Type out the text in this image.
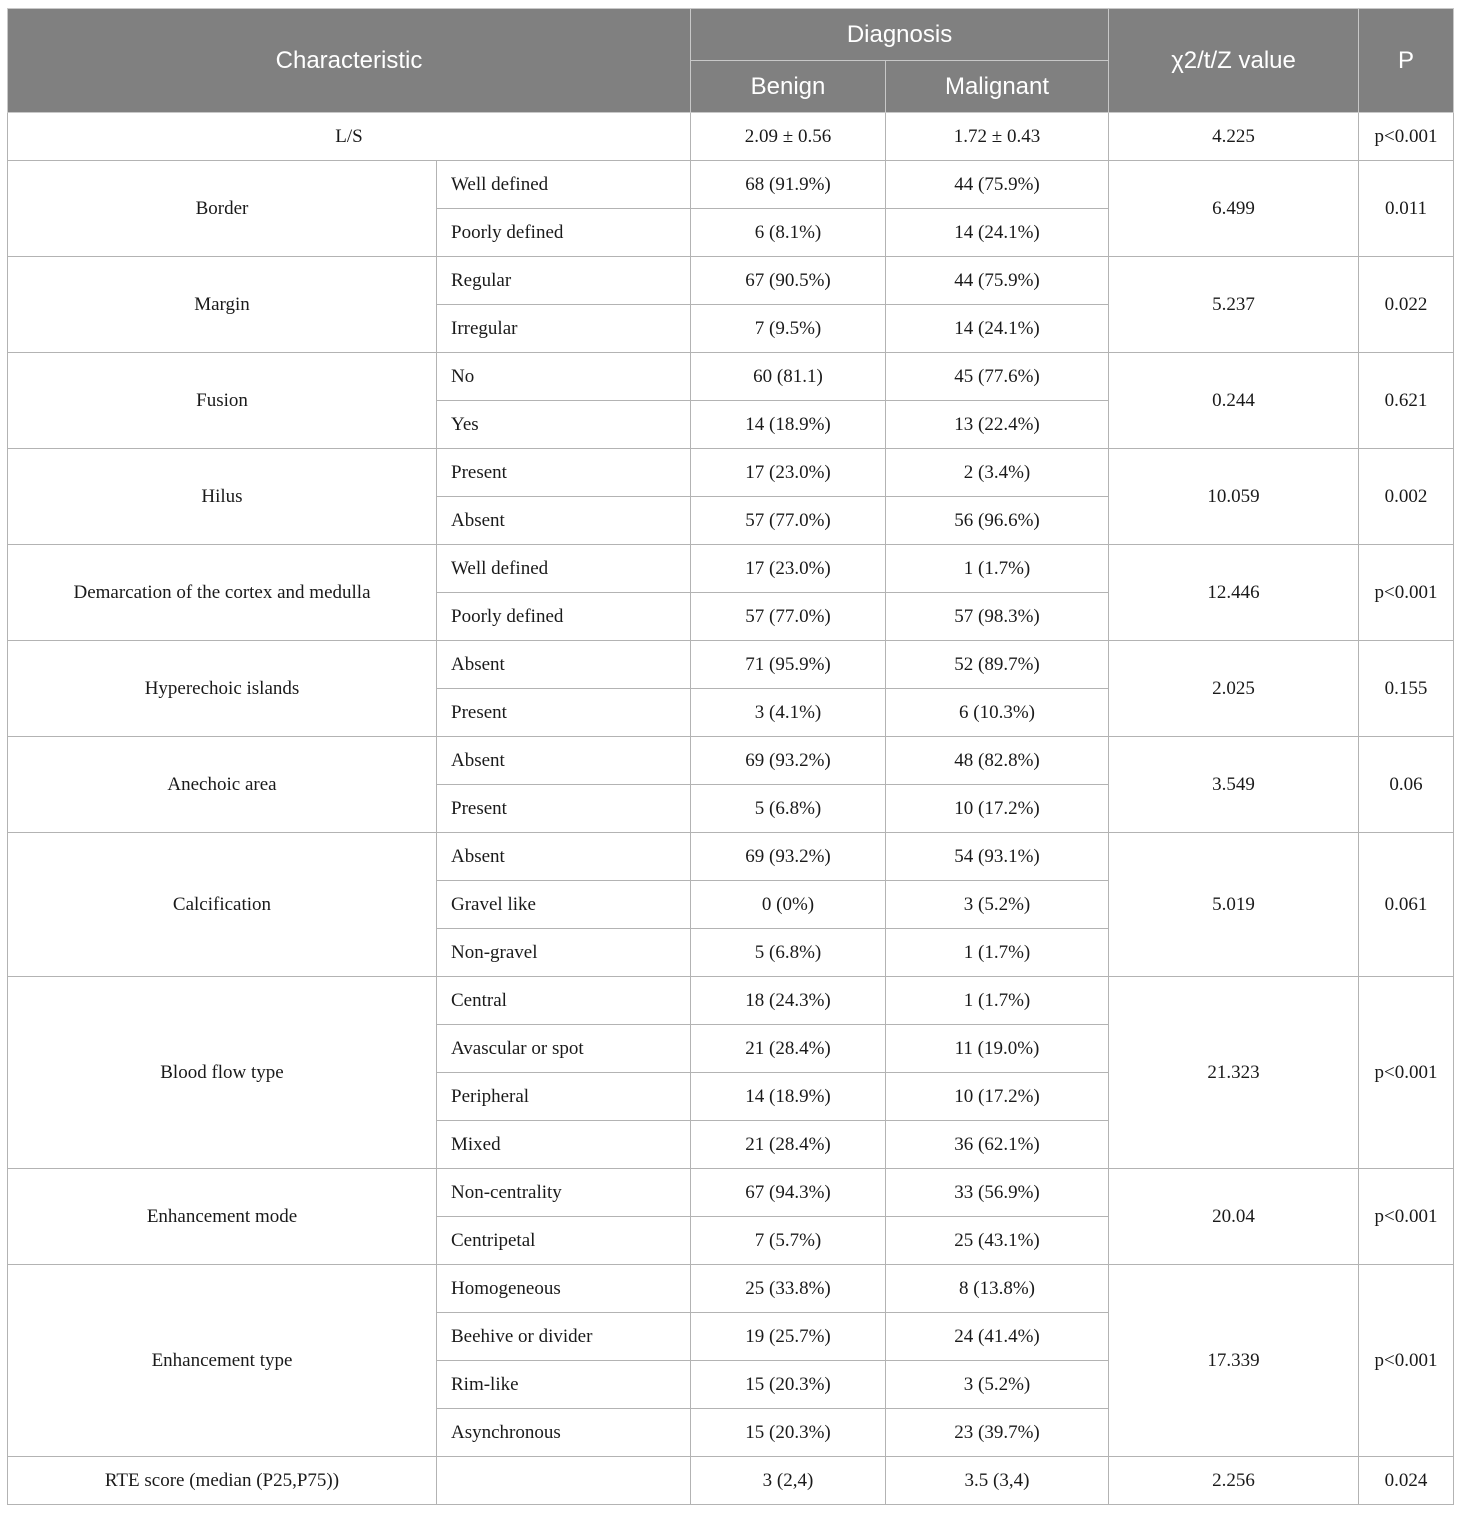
Characteristic		Diagnosis		χ2/t/Z value	P
		Benign	Malignant		
L/S		2.09 ± 0.56	1.72 ± 0.43	4.225	p<0.001
Border	Well defined	68 (91.9%)	44 (75.9%)	6.499	0.011
	Poorly defined	6 (8.1%)	14 (24.1%)		
Margin	Regular	67 (90.5%)	44 (75.9%)	5.237	0.022
	Irregular	7 (9.5%)	14 (24.1%)		
Fusion	No	60 (81.1)	45 (77.6%)	0.244	0.621
	Yes	14 (18.9%)	13 (22.4%)		
Hilus	Present	17 (23.0%)	2 (3.4%)	10.059	0.002
	Absent	57 (77.0%)	56 (96.6%)		
Demarcation of the cortex and medulla	Well defined	17 (23.0%)	1 (1.7%)	12.446	p<0.001
	Poorly defined	57 (77.0%)	57 (98.3%)		
Hyperechoic islands	Absent	71 (95.9%)	52 (89.7%)	2.025	0.155
	Present	3 (4.1%)	6 (10.3%)		
Anechoic area	Absent	69 (93.2%)	48 (82.8%)	3.549	0.06
	Present	5 (6.8%)	10 (17.2%)		
Calcification	Absent	69 (93.2%)	54 (93.1%)	5.019	0.061
	Gravel like	0 (0%)	3 (5.2%)		
	Non-gravel	5 (6.8%)	1 (1.7%)		
Blood flow type	Central	18 (24.3%)	1 (1.7%)	21.323	p<0.001
	Avascular or spot	21 (28.4%)	11 (19.0%)		
	Peripheral	14 (18.9%)	10 (17.2%)		
	Mixed	21 (28.4%)	36 (62.1%)		
Enhancement mode	Non-centrality	67 (94.3%)	33 (56.9%)	20.04	p<0.001
	Centripetal	7 (5.7%)	25 (43.1%)		
Enhancement type	Homogeneous	25 (33.8%)	8 (13.8%)	17.339	p<0.001
	Beehive or divider	19 (25.7%)	24 (41.4%)		
	Rim-like	15 (20.3%)	3 (5.2%)		
	Asynchronous	15 (20.3%)	23 (39.7%)		
RTE score (median (P25,P75))		3 (2,4)	3.5 (3,4)	2.256	0.024
